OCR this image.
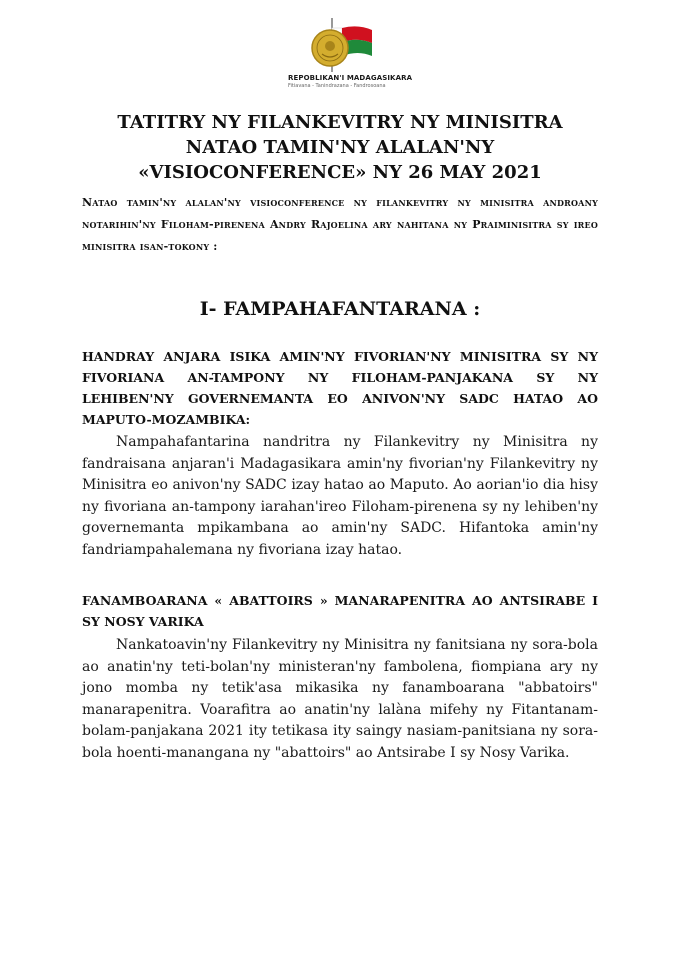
REPOBLIKAN'I MADAGASIKARA
Fitiavana - Tanindrazana - Fandrosoana
TATITRY NY FILANKEVITRY NY MINISITRA
NATAO TAMIN'NY ALALAN'NY
«VISIOCONFERENCE» NY 26 MAY 2021
Natao tamin'ny alalan'ny visioconference ny filankevitry ny minisitra androany notarihin'ny Filoham-pirenena Andry Rajoelina ary nahitana ny Praiminisitra sy ireo minisitra isan-tokony :
I- FAMPAHAFANTARANA :
HANDRAY ANJARA ISIKA AMIN'NY FIVORIAN'NY MINISITRA SY NY FIVORIANA AN-TAMPONY NY FILOHAM-PANJAKANA SY NY LEHIBEN'NY GOVERNEMANTA EO ANIVON'NY SADC HATAO AO MAPUTO-MOZAMBIKA:
Nampahafantarina nandritra ny Filankevitry ny Minisitra ny fandraisana anjaran'i Madagasikara amin'ny fivorian'ny Filankevitry ny Minisitra eo anivon'ny SADC izay hatao ao Maputo. Ao aorian'io dia hisy ny fivoriana an-tampony iarahan'ireo Filoham-pirenena sy ny lehiben'ny governemanta mpikambana ao amin'ny SADC. Hifantoka amin'ny fandriampahalemana ny fivoriana izay hatao.
FANAMBOARANA « ABATTOIRS » MANARAPENITRA AO ANTSIRABE I SY NOSY VARIKA
Nankatoavin'ny Filankevitry ny Minisitra ny fanitsiana ny sora-bola ao anatin'ny teti-bolan'ny ministeran'ny fambolena, fiompiana ary ny jono momba ny tetik'asa mikasika ny fanamboarana "abbatoirs" manarapenitra. Voarafitra ao anatin'ny lalàna mifehy ny Fitantanam-bolam-panjakana 2021 ity tetikasa ity saingy nasiam-panitsiana ny sora-bola hoenti-manangana ny "abattoirs" ao Antsirabe I sy Nosy Varika.
